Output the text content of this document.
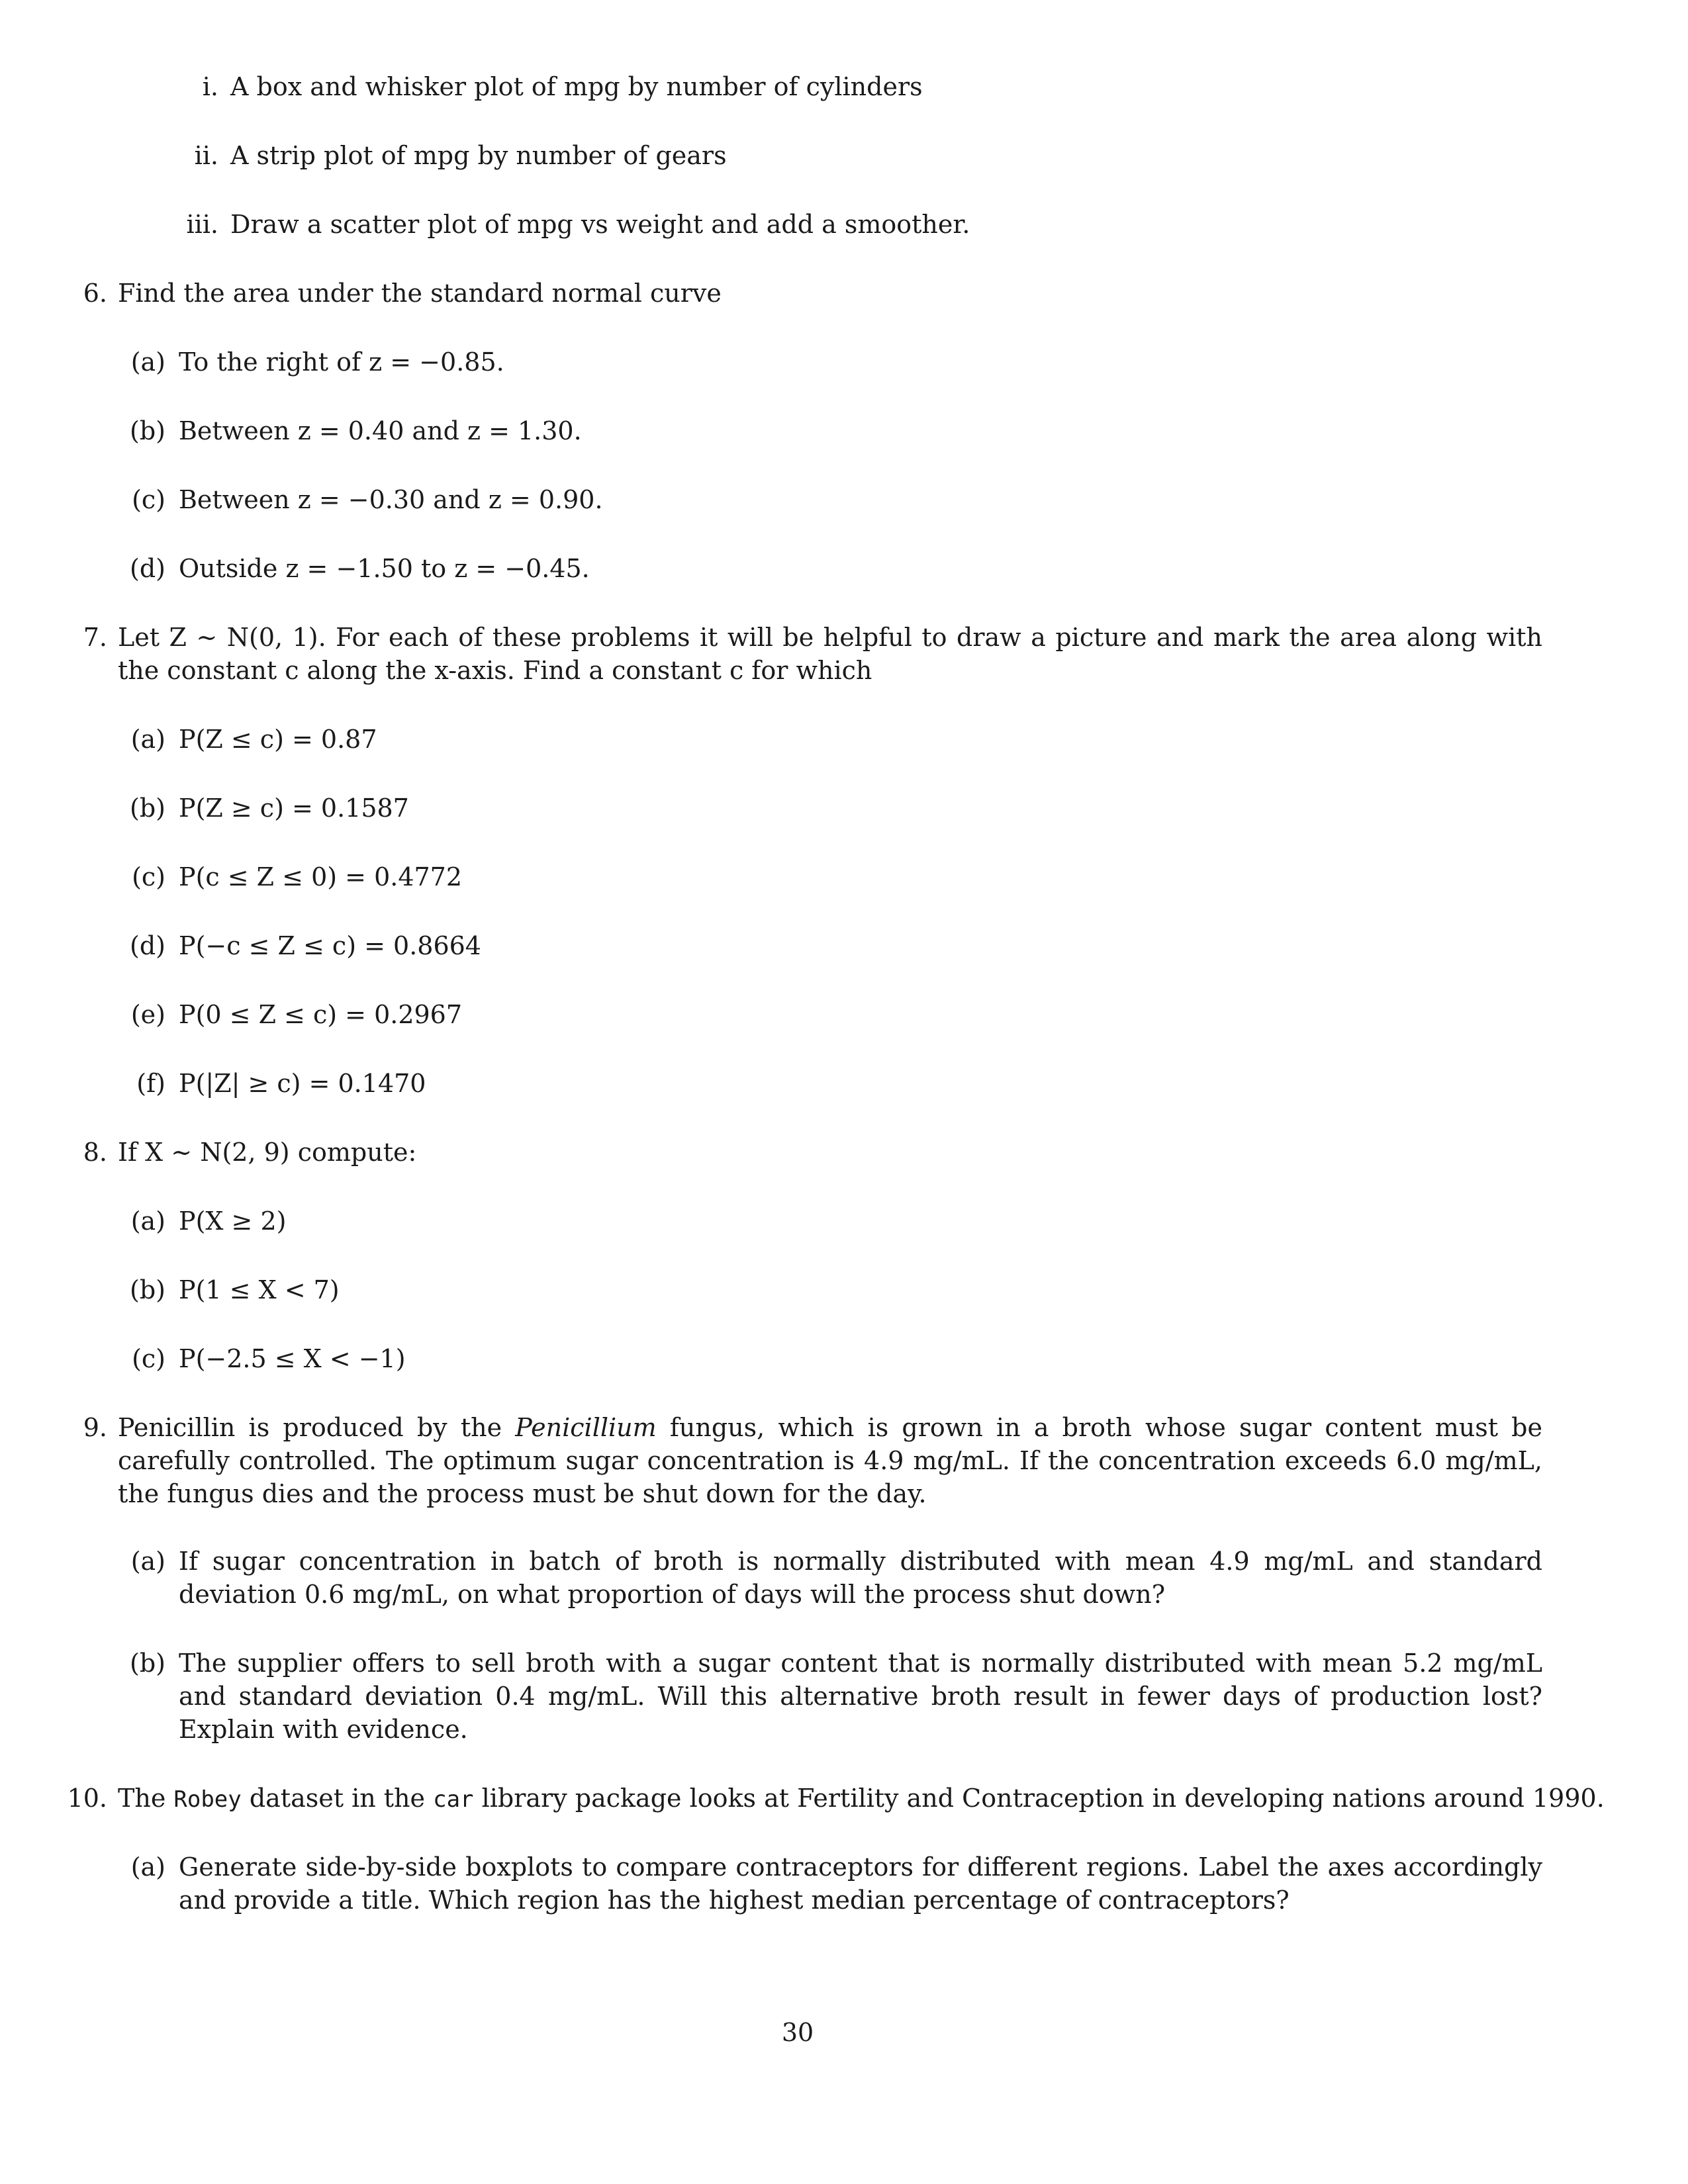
i. A box and whisker plot of mpg by number of cylinders
ii. A strip plot of mpg by number of gears
iii. Draw a scatter plot of mpg vs weight and add a smoother.
6. Find the area under the standard normal curve
(a) To the right of z = −0.85.
(b) Between z = 0.40 and z = 1.30.
(c) Between z = −0.30 and z = 0.90.
(d) Outside z = −1.50 to z = −0.45.
7. Let Z ∼ N(0, 1). For each of these problems it will be helpful to draw a picture and mark the area along with the constant c along the x-axis. Find a constant c for which
(a) P(Z ≤ c) = 0.87
(b) P(Z ≥ c) = 0.1587
(c) P(c ≤ Z ≤ 0) = 0.4772
(d) P(−c ≤ Z ≤ c) = 0.8664
(e) P(0 ≤ Z ≤ c) = 0.2967
(f) P(|Z| ≥ c) = 0.1470
8. If X ∼ N(2, 9) compute:
(a) P(X ≥ 2)
(b) P(1 ≤ X < 7)
(c) P(−2.5 ≤ X < −1)
9. Penicillin is produced by the Penicillium fungus, which is grown in a broth whose sugar content must be carefully controlled. The optimum sugar concentration is 4.9 mg/mL. If the concentration exceeds 6.0 mg/mL, the fungus dies and the process must be shut down for the day.
(a) If sugar concentration in batch of broth is normally distributed with mean 4.9 mg/mL and standard deviation 0.6 mg/mL, on what proportion of days will the process shut down?
(b) The supplier offers to sell broth with a sugar content that is normally distributed with mean 5.2 mg/mL and standard deviation 0.4 mg/mL. Will this alternative broth result in fewer days of production lost? Explain with evidence.
10. The Robey dataset in the car library package looks at Fertility and Contraception in developing nations around 1990.
(a) Generate side-by-side boxplots to compare contraceptors for different regions. Label the axes accordingly and provide a title. Which region has the highest median percentage of contraceptors?
30
